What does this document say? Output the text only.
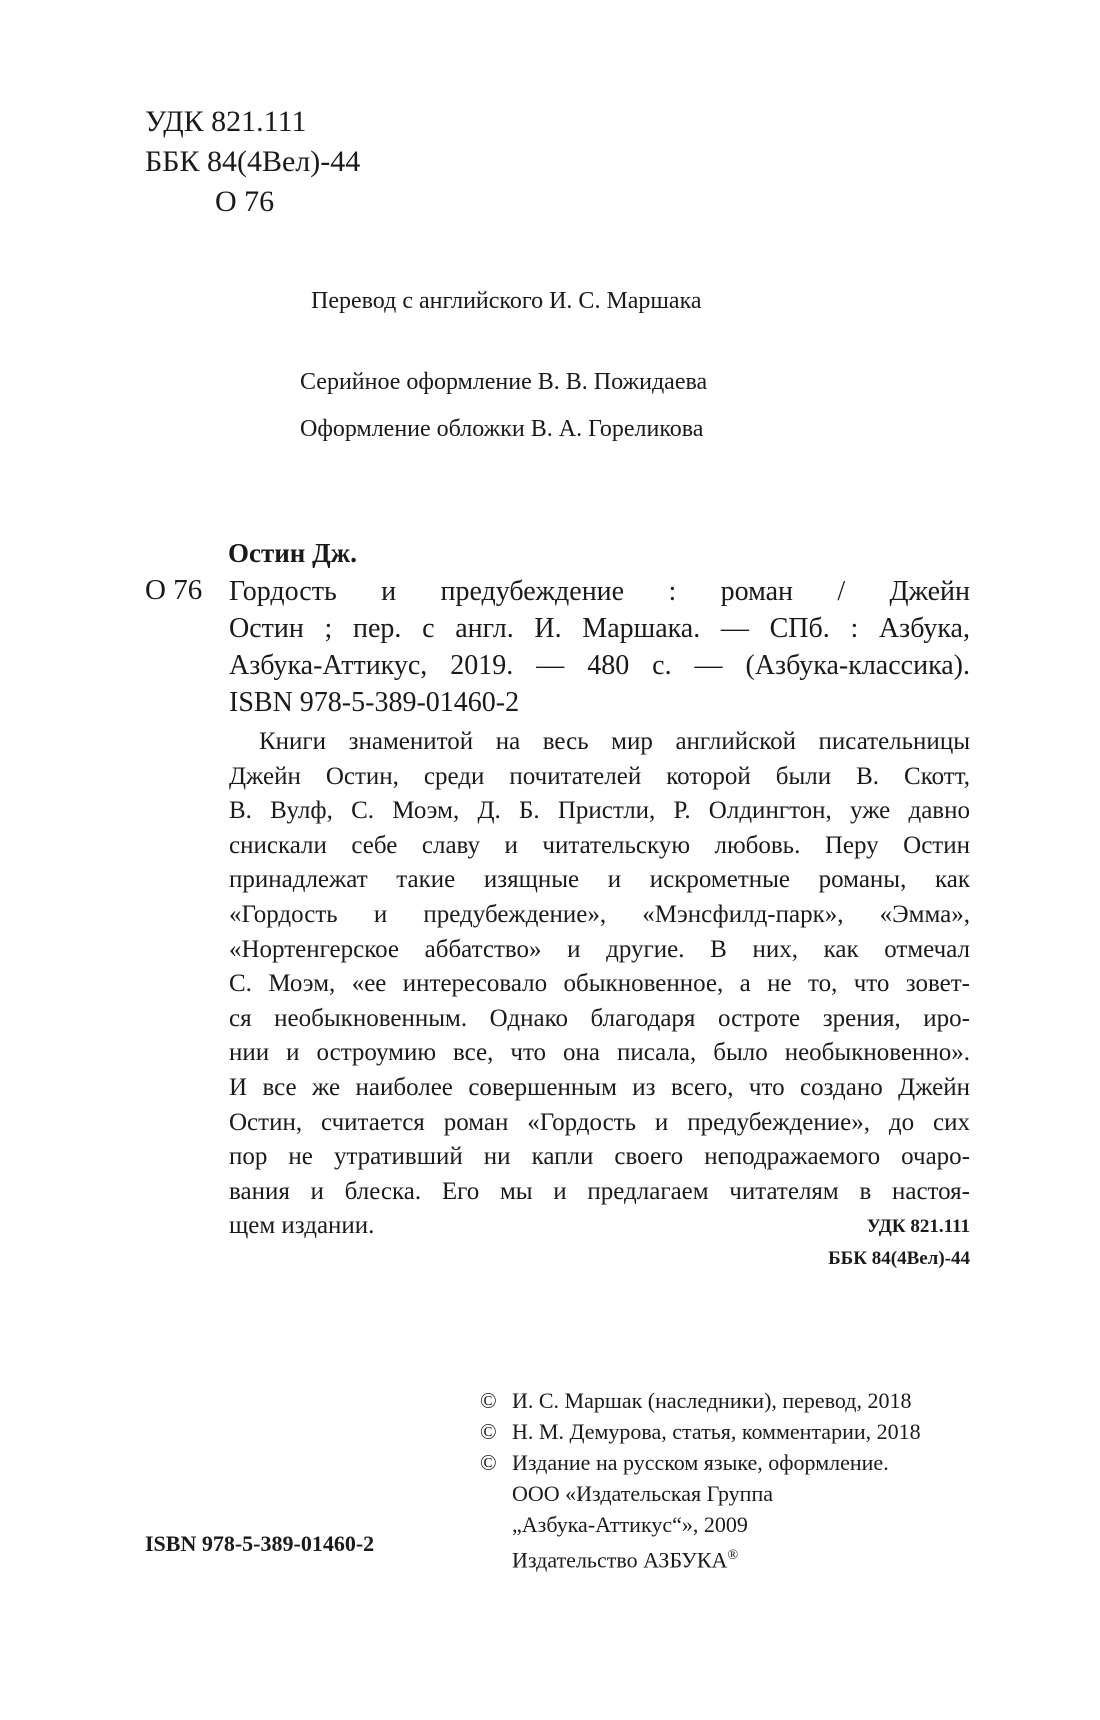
УДК 821.111
ББК 84(4Вел)-44
О 76
Перевод с английского И. С. Маршака
Серийное оформление В. В. Пожидаева
Оформление обложки В. А. Гореликова
Остин Дж.
О 76 Гордость и предубеждение : роман / Джейн
Остин ; пер. с англ. И. Маршака. — СПб. : Азбука,
Азбука-Аттикус, 2019. — 480 с. — (Азбука-классика).
ISBN 978-5-389-01460-2
Книги знаменитой на весь мир английской писательницы
Джейн Остин, среди почитателей которой были В. Скотт,
В. Вулф, С. Моэм, Д. Б. Пристли, Р. Олдингтон, уже давно
снискали себе славу и читательскую любовь. Перу Остин
принадлежат такие изящные и искрометные романы, как
«Гордость и предубеждение», «Мэнсфилд-парк», «Эмма»,
«Нортенгерское аббатство» и другие. В них, как отмечал
С. Моэм, «ее интересовало обыкновенное, а не то, что зовет-
ся необыкновенным. Однако благодаря остроте зрения, иро-
нии и остроумию все, что она писала, было необыкновенно».
И все же наиболее совершенным из всего, что создано Джейн
Остин, считается роман «Гордость и предубеждение», до сих
пор не утративший ни капли своего неподражаемого очаро-
вания и блеска. Его мы и предлагаем читателям в настоя-
щем издании.	УДК 821.111
ББК 84(4Вел)-44
© И. С. Маршак (наследники), перевод, 2018
© Н. М. Демурова, статья, комментарии, 2018
© Издание на русском языке, оформление.
ООО «Издательская Группа
„Азбука-Аттикус“», 2009
Издательство АЗБУКА®
ISBN 978-5-389-01460-2
